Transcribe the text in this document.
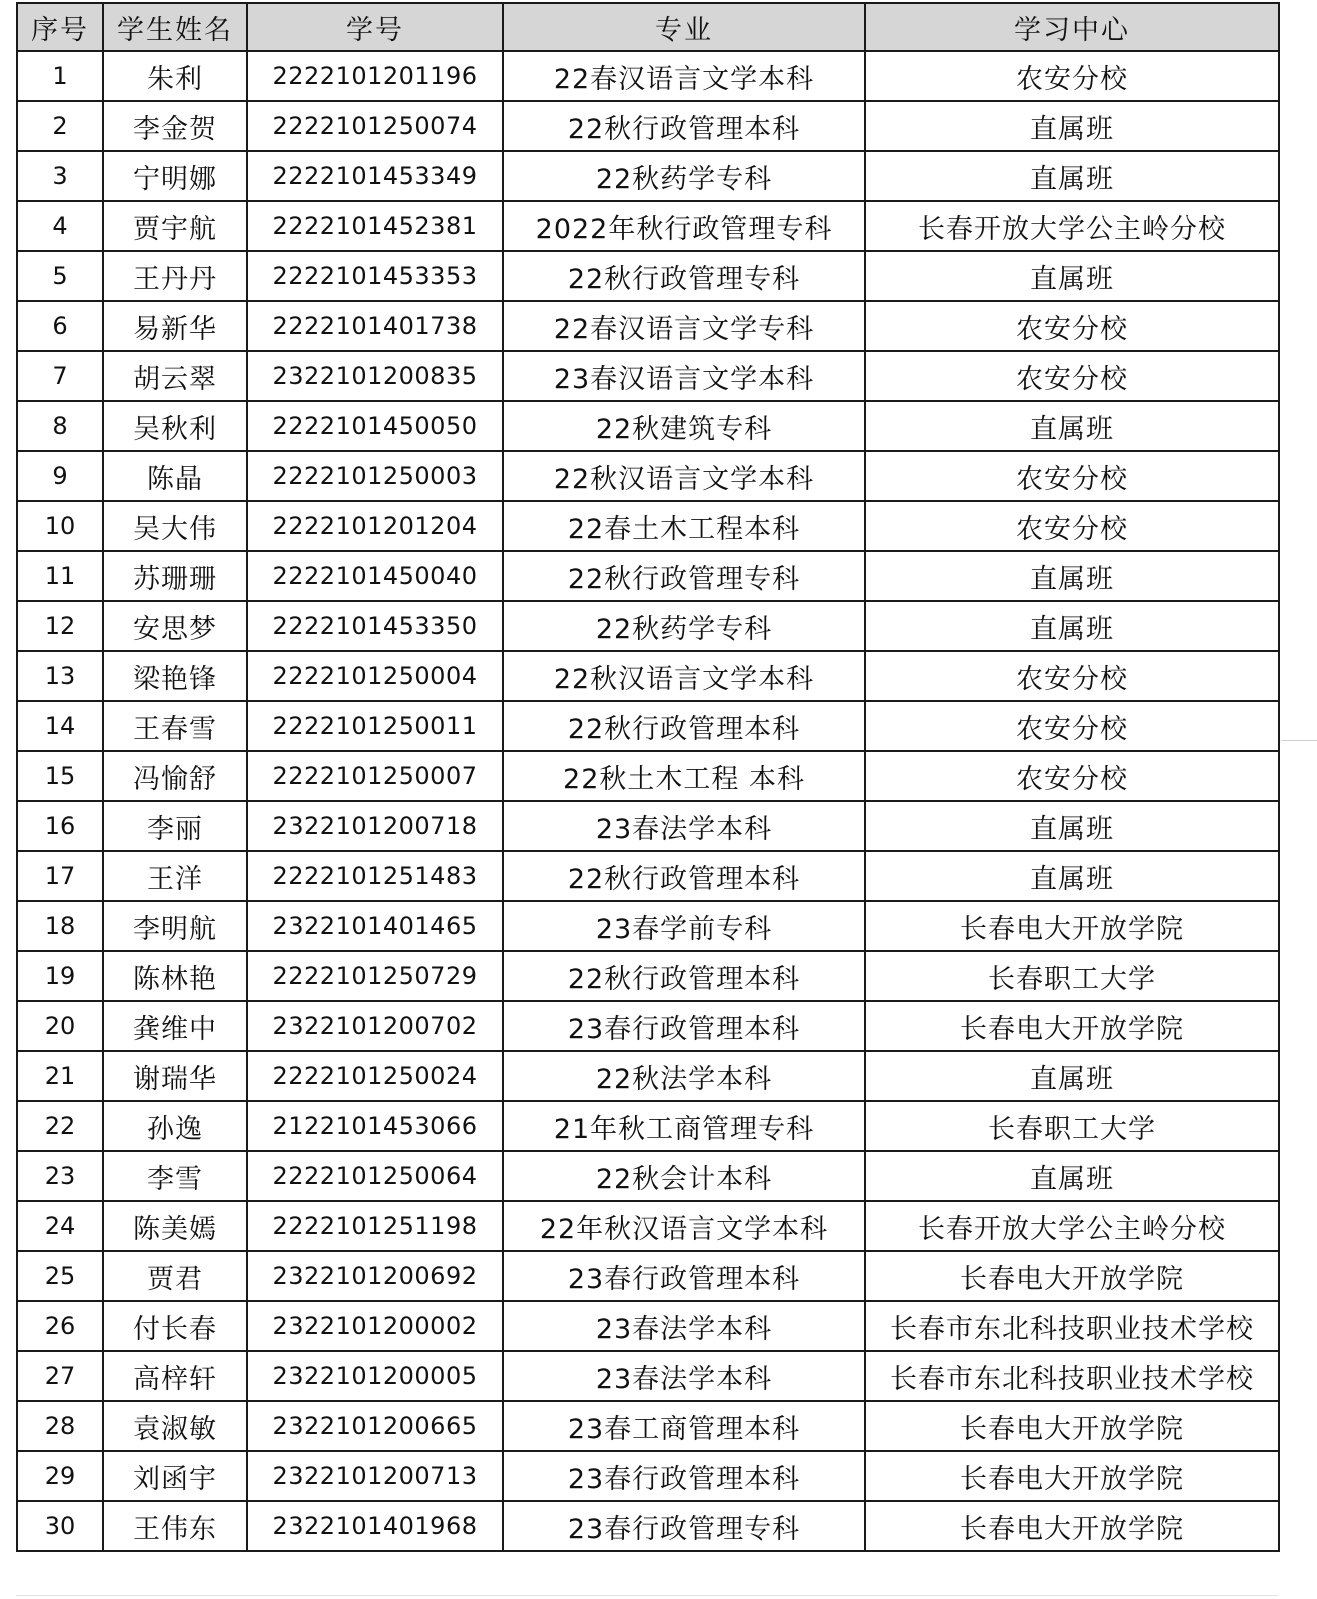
序号	学生姓名	学号	专业	学习中心
1	朱利	2222101201196	22春汉语言文学本科	农安分校
2	李金贺	2222101250074	22秋行政管理本科	直属班
3	宁明娜	2222101453349	22秋药学专科	直属班
4	贾宇航	2222101452381	2022年秋行政管理专科	长春开放大学公主岭分校
5	王丹丹	2222101453353	22秋行政管理专科	直属班
6	易新华	2222101401738	22春汉语言文学专科	农安分校
7	胡云翠	2322101200835	23春汉语言文学本科	农安分校
8	吴秋利	2222101450050	22秋建筑专科	直属班
9	陈晶	2222101250003	22秋汉语言文学本科	农安分校
10	吴大伟	2222101201204	22春土木工程本科	农安分校
11	苏珊珊	2222101450040	22秋行政管理专科	直属班
12	安思梦	2222101453350	22秋药学专科	直属班
13	梁艳锋	2222101250004	22秋汉语言文学本科	农安分校
14	王春雪	2222101250011	22秋行政管理本科	农安分校
15	冯愉舒	2222101250007	22秋土木工程 本科	农安分校
16	李丽	2322101200718	23春法学本科	直属班
17	王洋	2222101251483	22秋行政管理本科	直属班
18	李明航	2322101401465	23春学前专科	长春电大开放学院
19	陈林艳	2222101250729	22秋行政管理本科	长春职工大学
20	龚维中	2322101200702	23春行政管理本科	长春电大开放学院
21	谢瑞华	2222101250024	22秋法学本科	直属班
22	孙逸	2122101453066	21年秋工商管理专科	长春职工大学
23	李雪	2222101250064	22秋会计本科	直属班
24	陈美嫣	2222101251198	22年秋汉语言文学本科	长春开放大学公主岭分校
25	贾君	2322101200692	23春行政管理本科	长春电大开放学院
26	付长春	2322101200002	23春法学本科	长春市东北科技职业技术学校
27	高梓轩	2322101200005	23春法学本科	长春市东北科技职业技术学校
28	袁淑敏	2322101200665	23春工商管理本科	长春电大开放学院
29	刘函宇	2322101200713	23春行政管理本科	长春电大开放学院
30	王伟东	2322101401968	23春行政管理专科	长春电大开放学院
